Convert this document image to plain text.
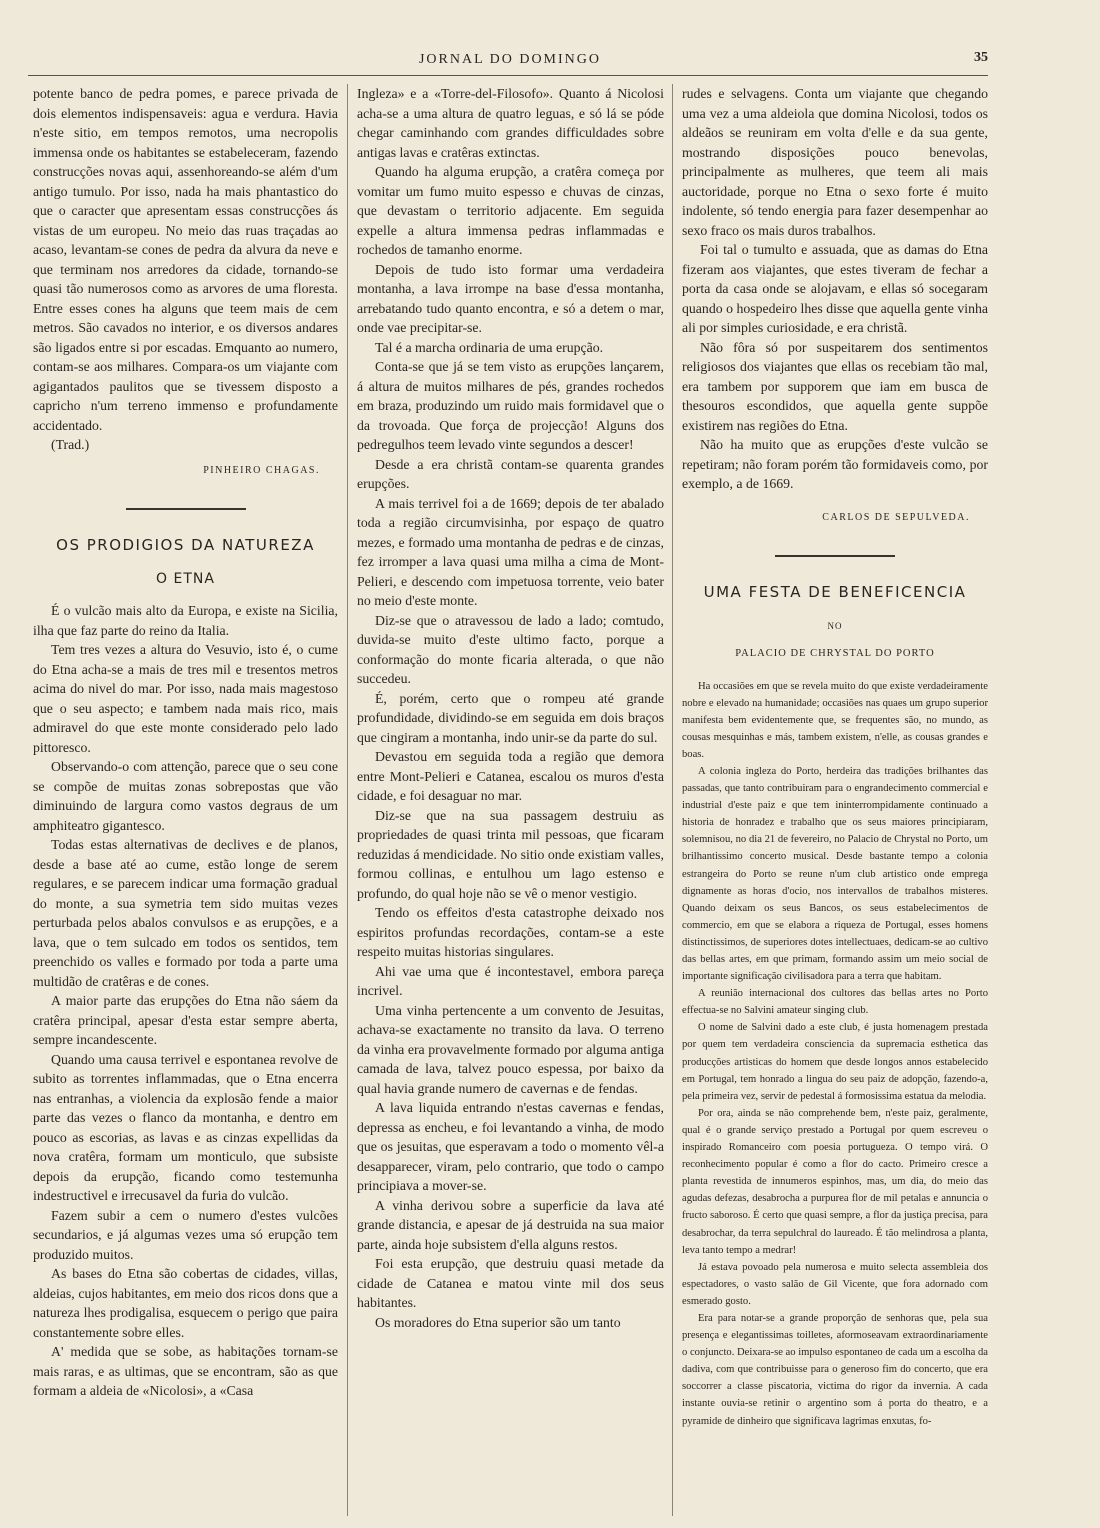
JORNAL DO DOMINGO	35

potente banco de pedra pomes, e parece privada de dois elementos indispensaveis: agua e verdura. Havia n'este sitio, em tempos remotos, uma necropolis immensa onde os habitantes se estabeleceram, fazendo construcções novas aqui, assenhoreando-se além d'um antigo tumulo. Por isso, nada ha mais phantastico do que o caracter que apresentam essas construcções ás vistas de um europeu. No meio das ruas traçadas ao acaso, levantam-se cones de pedra da alvura da neve e que terminam nos arredores da cidade, tornando-se quasi tão numerosos como as arvores de uma floresta. Entre esses cones ha alguns que teem mais de cem metros. São cavados no interior, e os diversos andares são ligados entre si por escadas. Emquanto ao numero, contam-se aos milhares. Compara-os um viajante com agigantados paulitos que se tivessem disposto a capricho n'um terreno immenso e profundamente accidentado.

(Trad.)

PINHEIRO CHAGAS.
OS PRODIGIOS DA NATUREZA
O ETNA

É o vulcão mais alto da Europa, e existe na Sicilia, ilha que faz parte do reino da Italia.

Tem tres vezes a altura do Vesuvio, isto é, o cume do Etna acha-se a mais de tres mil e tresentos metros acima do nivel do mar. Por isso, nada mais magestoso que o seu aspecto; e tambem nada mais rico, mais admiravel do que este monte considerado pelo lado pittoresco.

Observando-o com attenção, parece que o seu cone se compõe de muitas zonas sobrepostas que vão diminuindo de largura como vastos degraus de um amphiteatro gigantesco.

Todas estas alternativas de declives e de planos, desde a base até ao cume, estão longe de serem regulares, e se parecem indicar uma formação gradual do monte, a sua symetria tem sido muitas vezes perturbada pelos abalos convulsos e as erupções, e a lava, que o tem sulcado em todos os sentidos, tem preenchido os valles e formado por toda a parte uma multidão de cratêras e de cones.

A maior parte das erupções do Etna não sáem da cratêra principal, apesar d'esta estar sempre aberta, sempre incandescente.

Quando uma causa terrivel e espontanea revolve de subito as torrentes inflammadas, que o Etna encerra nas entranhas, a violencia da explosão fende a maior parte das vezes o flanco da montanha, e dentro em pouco as escorias, as lavas e as cinzas expellidas da nova cratêra, formam um monticulo, que subsiste depois da erupção, ficando como testemunha indestructivel e irrecusavel da furia do vulcão.

Fazem subir a cem o numero d'estes vulcões secundarios, e já algumas vezes uma só erupção tem produzido muitos.

As bases do Etna são cobertas de cidades, villas, aldeias, cujos habitantes, em meio dos ricos dons que a natureza lhes prodigalisa, esquecem o perigo que paira constantemente sobre elles.

A' medida que se sobe, as habitações tornam-se mais raras, e as ultimas, que se encontram, são as que formam a aldeia de «Nicolosi», a «Casa

Ingleza» e a «Torre-del-Filosofo». Quanto á Nicolosi acha-se a uma altura de quatro leguas, e só lá se póde chegar caminhando com grandes difficuldades sobre antigas lavas e cratêras extinctas.

Quando ha alguma erupção, a cratêra começa por vomitar um fumo muito espesso e chuvas de cinzas, que devastam o territorio adjacente. Em seguida expelle a altura immensa pedras inflammadas e rochedos de tamanho enorme.

Depois de tudo isto formar uma verdadeira montanha, a lava irrompe na base d'essa montanha, arrebatando tudo quanto encontra, e só a detem o mar, onde vae precipitar-se.

Tal é a marcha ordinaria de uma erupção.

Conta-se que já se tem visto as erupções lançarem, á altura de muitos milhares de pés, grandes rochedos em braza, produzindo um ruido mais formidavel que o da trovoada. Que força de projecção! Alguns dos pedregulhos teem levado vinte segundos a descer!

Desde a era christã contam-se quarenta grandes erupções.

A mais terrivel foi a de 1669; depois de ter abalado toda a região circumvisinha, por espaço de quatro mezes, e formado uma montanha de pedras e de cinzas, fez irromper a lava quasi uma milha a cima de Mont-Pelieri, e descendo com impetuosa torrente, veio bater no meio d'este monte.

Diz-se que o atravessou de lado a lado; comtudo, duvida-se muito d'este ultimo facto, porque a conformação do monte ficaria alterada, o que não succedeu.

É, porém, certo que o rompeu até grande profundidade, dividindo-se em seguida em dois braços que cingiram a montanha, indo unir-se da parte do sul.

Devastou em seguida toda a região que demora entre Mont-Pelieri e Catanea, escalou os muros d'esta cidade, e foi desaguar no mar.

Diz-se que na sua passagem destruiu as propriedades de quasi trinta mil pessoas, que ficaram reduzidas á mendicidade. No sitio onde existiam valles, formou collinas, e entulhou um lago estenso e profundo, do qual hoje não se vê o menor vestigio.

Tendo os effeitos d'esta catastrophe deixado nos espiritos profundas recordações, contam-se a este respeito muitas historias singulares.

Ahi vae uma que é incontestavel, embora pareça incrivel.

Uma vinha pertencente a um convento de Jesuitas, achava-se exactamente no transito da lava. O terreno da vinha era provavelmente formado por alguma antiga camada de lava, talvez pouco espessa, por baixo da qual havia grande numero de cavernas e de fendas.

A lava liquida entrando n'estas cavernas e fendas, depressa as encheu, e foi levantando a vinha, de modo que os jesuitas, que esperavam a todo o momento vêl-a desapparecer, viram, pelo contrario, que todo o campo principiava a mover-se.

A vinha derivou sobre a superficie da lava até grande distancia, e apesar de já destruida na sua maior parte, ainda hoje subsistem d'ella alguns restos.

Foi esta erupção, que destruiu quasi metade da cidade de Catanea e matou vinte mil dos seus habitantes.

Os moradores do Etna superior são um tanto

rudes e selvagens. Conta um viajante que chegando uma vez a uma aldeiola que domina Nicolosi, todos os aldeãos se reuniram em volta d'elle e da sua gente, mostrando disposições pouco benevolas, principalmente as mulheres, que teem ali mais auctoridade, porque no Etna o sexo forte é muito indolente, só tendo energia para fazer desempenhar ao sexo fraco os mais duros trabalhos.

Foi tal o tumulto e assuada, que as damas do Etna fizeram aos viajantes, que estes tiveram de fechar a porta da casa onde se alojavam, e ellas só socegaram quando o hospedeiro lhes disse que aquella gente vinha ali por simples curiosidade, e era christã.

Não fôra só por suspeitarem dos sentimentos religiosos dos viajantes que ellas os recebiam tão mal, era tambem por supporem que iam em busca de thesouros escondidos, que aquella gente suppõe existirem nas regiões do Etna.

Não ha muito que as erupções d'este vulcão se repetiram; não foram porém tão formidaveis como, por exemplo, a de 1669.

CARLOS DE SEPULVEDA.
UMA FESTA DE BENEFICENCIA
NO
PALACIO DE CHRYSTAL DO PORTO

Ha occasiões em que se revela muito do que existe verdadeiramente nobre e elevado na humanidade; occasiões nas quaes um grupo superior manifesta bem evidentemente que, se frequentes são, no mundo, as cousas mesquinhas e más, tambem existem, n'elle, as cousas grandes e boas.

A colonia ingleza do Porto, herdeira das tradições brilhantes das passadas, que tanto contribuiram para o engrandecimento commercial e industrial d'este paiz e que tem ininterrompidamente continuado a historia de honradez e trabalho que os seus maiores principiaram, solemnisou, no dia 21 de fevereiro, no Palacio de Chrystal no Porto, um brilhantissimo concerto musical. Desde bastante tempo a colonia estrangeira do Porto se reune n'um club artistico onde emprega dignamente as horas d'ocio, nos intervallos de trabalhos misteres. Quando deixam os seus Bancos, os seus estabelecimentos de commercio, em que se elabora a riqueza de Portugal, esses homens distinctissimos, de superiores dotes intellectuaes, dedicam-se ao cultivo das bellas artes, em que primam, formando assim um meio social de importante significação civilisadora para a terra que habitam.

A reunião internacional dos cultores das bellas artes no Porto effectua-se no Salvini amateur singing club.

O nome de Salvini dado a este club, é justa homenagem prestada por quem tem verdadeira consciencia da supremacia esthetica das producções artisticas do homem que desde longos annos estabelecido em Portugal, tem honrado a lingua do seu paiz de adopção, fazendo-a, pela primeira vez, servir de pedestal á formosissima estatua da melodia.

Por ora, ainda se não comprehende bem, n'este paiz, geralmente, qual é o grande serviço prestado a Portugal por quem escreveu o inspirado Romanceiro com poesia portugueza. O tempo virá. O reconhecimento popular é como a flor do cacto. Primeiro cresce a planta revestida de innumeros espinhos, mas, um dia, do meio das agudas defezas, desabrocha a purpurea flor de mil petalas e annuncia o fructo saboroso. É certo que quasi sempre, a flor da justiça precisa, para desabrochar, da terra sepulchral do laureado. É tão melindrosa a planta, leva tanto tempo a medrar!

Já estava povoado pela numerosa e muito selecta assembleia dos espectadores, o vasto salão de Gil Vicente, que fora adornado com esmerado gosto.

Era para notar-se a grande proporção de senhoras que, pela sua presença e elegantissimas toilletes, aformoseavam extraordinariamente o conjuncto. Deixara-se ao impulso espontaneo de cada um a escolha da dadiva, com que contribuisse para o generoso fim do concerto, que era soccorrer a classe piscatoria, victima do rigor da invernia. A cada instante ouvia-se retinir o argentino som á porta do theatro, e a pyramide de dinheiro que significava lagrimas enxutas, fo-
